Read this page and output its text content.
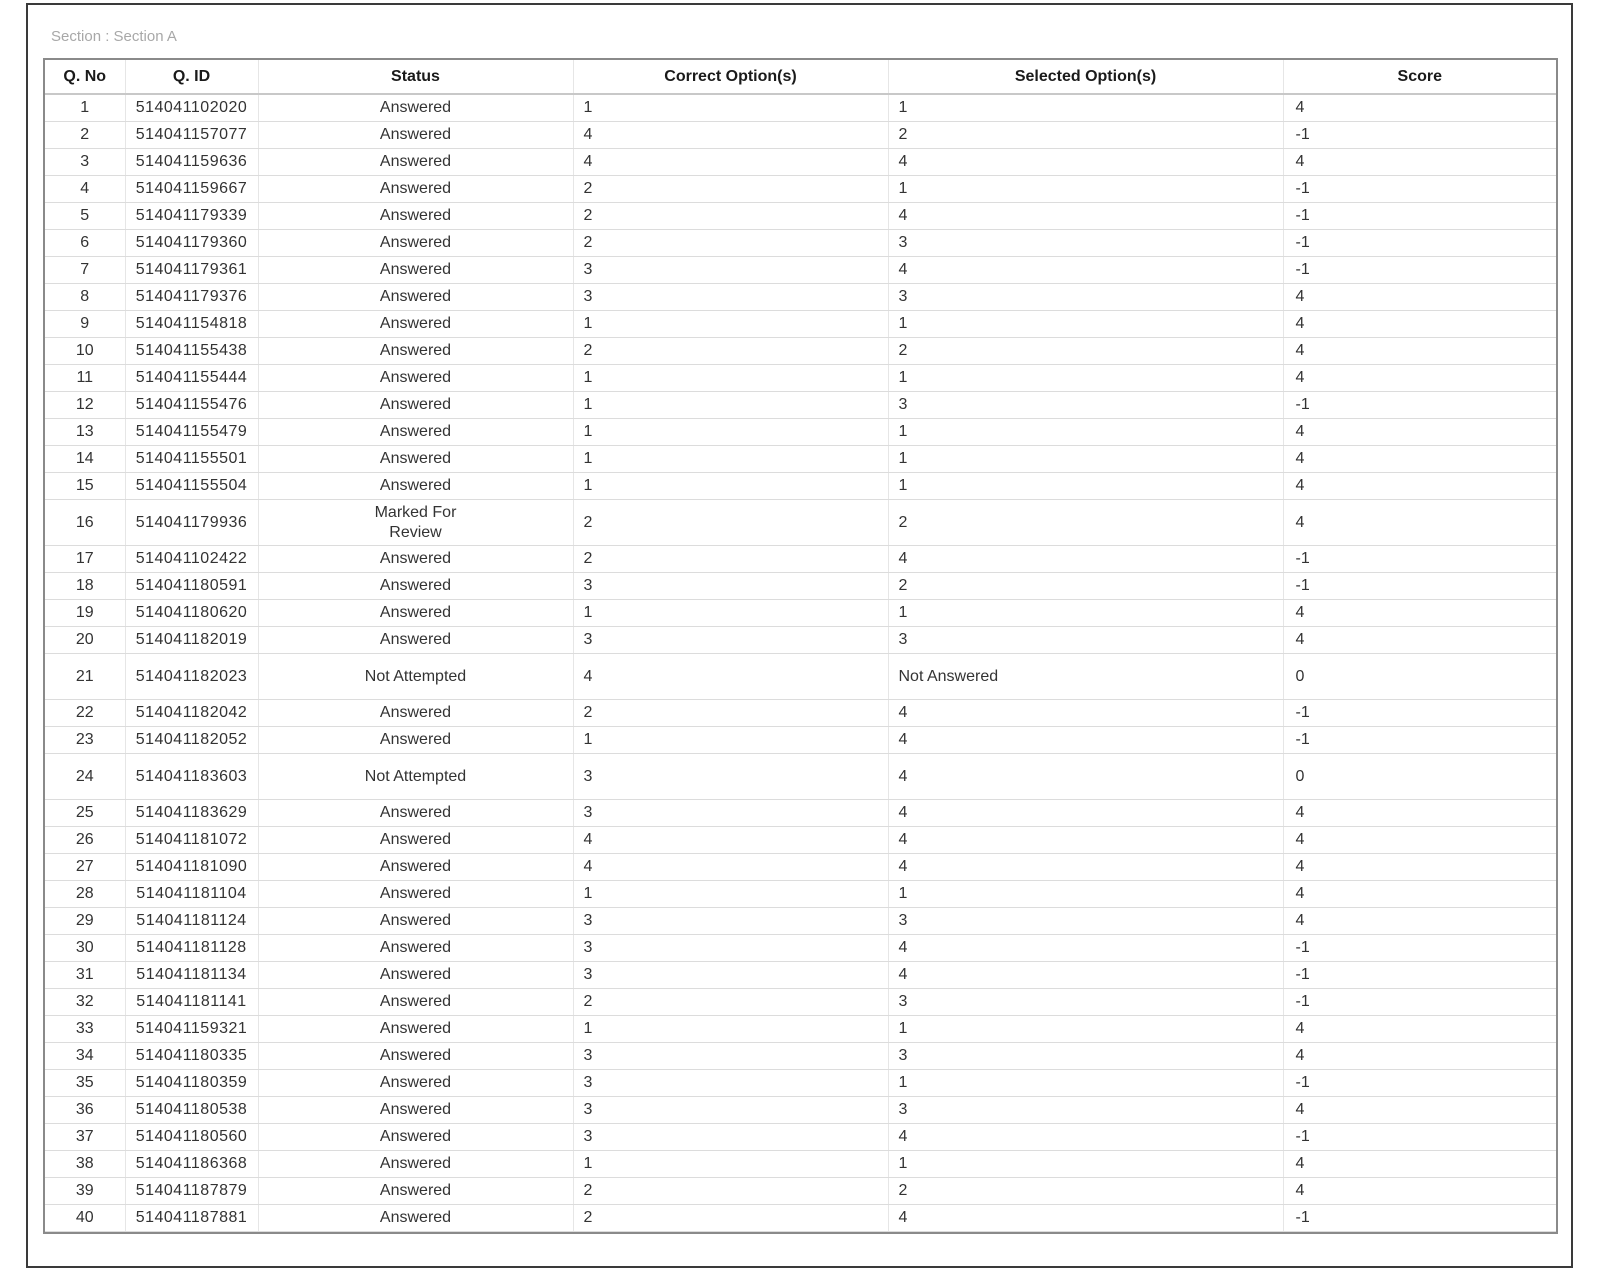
Section : Section A
Q. No	Q. ID	Status	Correct Option(s)	Selected Option(s)	Score
1	514041102020	Answered	1	1	4
2	514041157077	Answered	4	2	-1
3	514041159636	Answered	4	4	4
4	514041159667	Answered	2	1	-1
5	514041179339	Answered	2	4	-1
6	514041179360	Answered	2	3	-1
7	514041179361	Answered	3	4	-1
8	514041179376	Answered	3	3	4
9	514041154818	Answered	1	1	4
10	514041155438	Answered	2	2	4
11	514041155444	Answered	1	1	4
12	514041155476	Answered	1	3	-1
13	514041155479	Answered	1	1	4
14	514041155501	Answered	1	1	4
15	514041155504	Answered	1	1	4
16	514041179936	Marked For Review	2	2	4
17	514041102422	Answered	2	4	-1
18	514041180591	Answered	3	2	-1
19	514041180620	Answered	1	1	4
20	514041182019	Answered	3	3	4
21	514041182023	Not Attempted	4	Not Answered	0
22	514041182042	Answered	2	4	-1
23	514041182052	Answered	1	4	-1
24	514041183603	Not Attempted	3	4	0
25	514041183629	Answered	3	4	4
26	514041181072	Answered	4	4	4
27	514041181090	Answered	4	4	4
28	514041181104	Answered	1	1	4
29	514041181124	Answered	3	3	4
30	514041181128	Answered	3	4	-1
31	514041181134	Answered	3	4	-1
32	514041181141	Answered	2	3	-1
33	514041159321	Answered	1	1	4
34	514041180335	Answered	3	3	4
35	514041180359	Answered	3	1	-1
36	514041180538	Answered	3	3	4
37	514041180560	Answered	3	4	-1
38	514041186368	Answered	1	1	4
39	514041187879	Answered	2	2	4
40	514041187881	Answered	2	4	-1
